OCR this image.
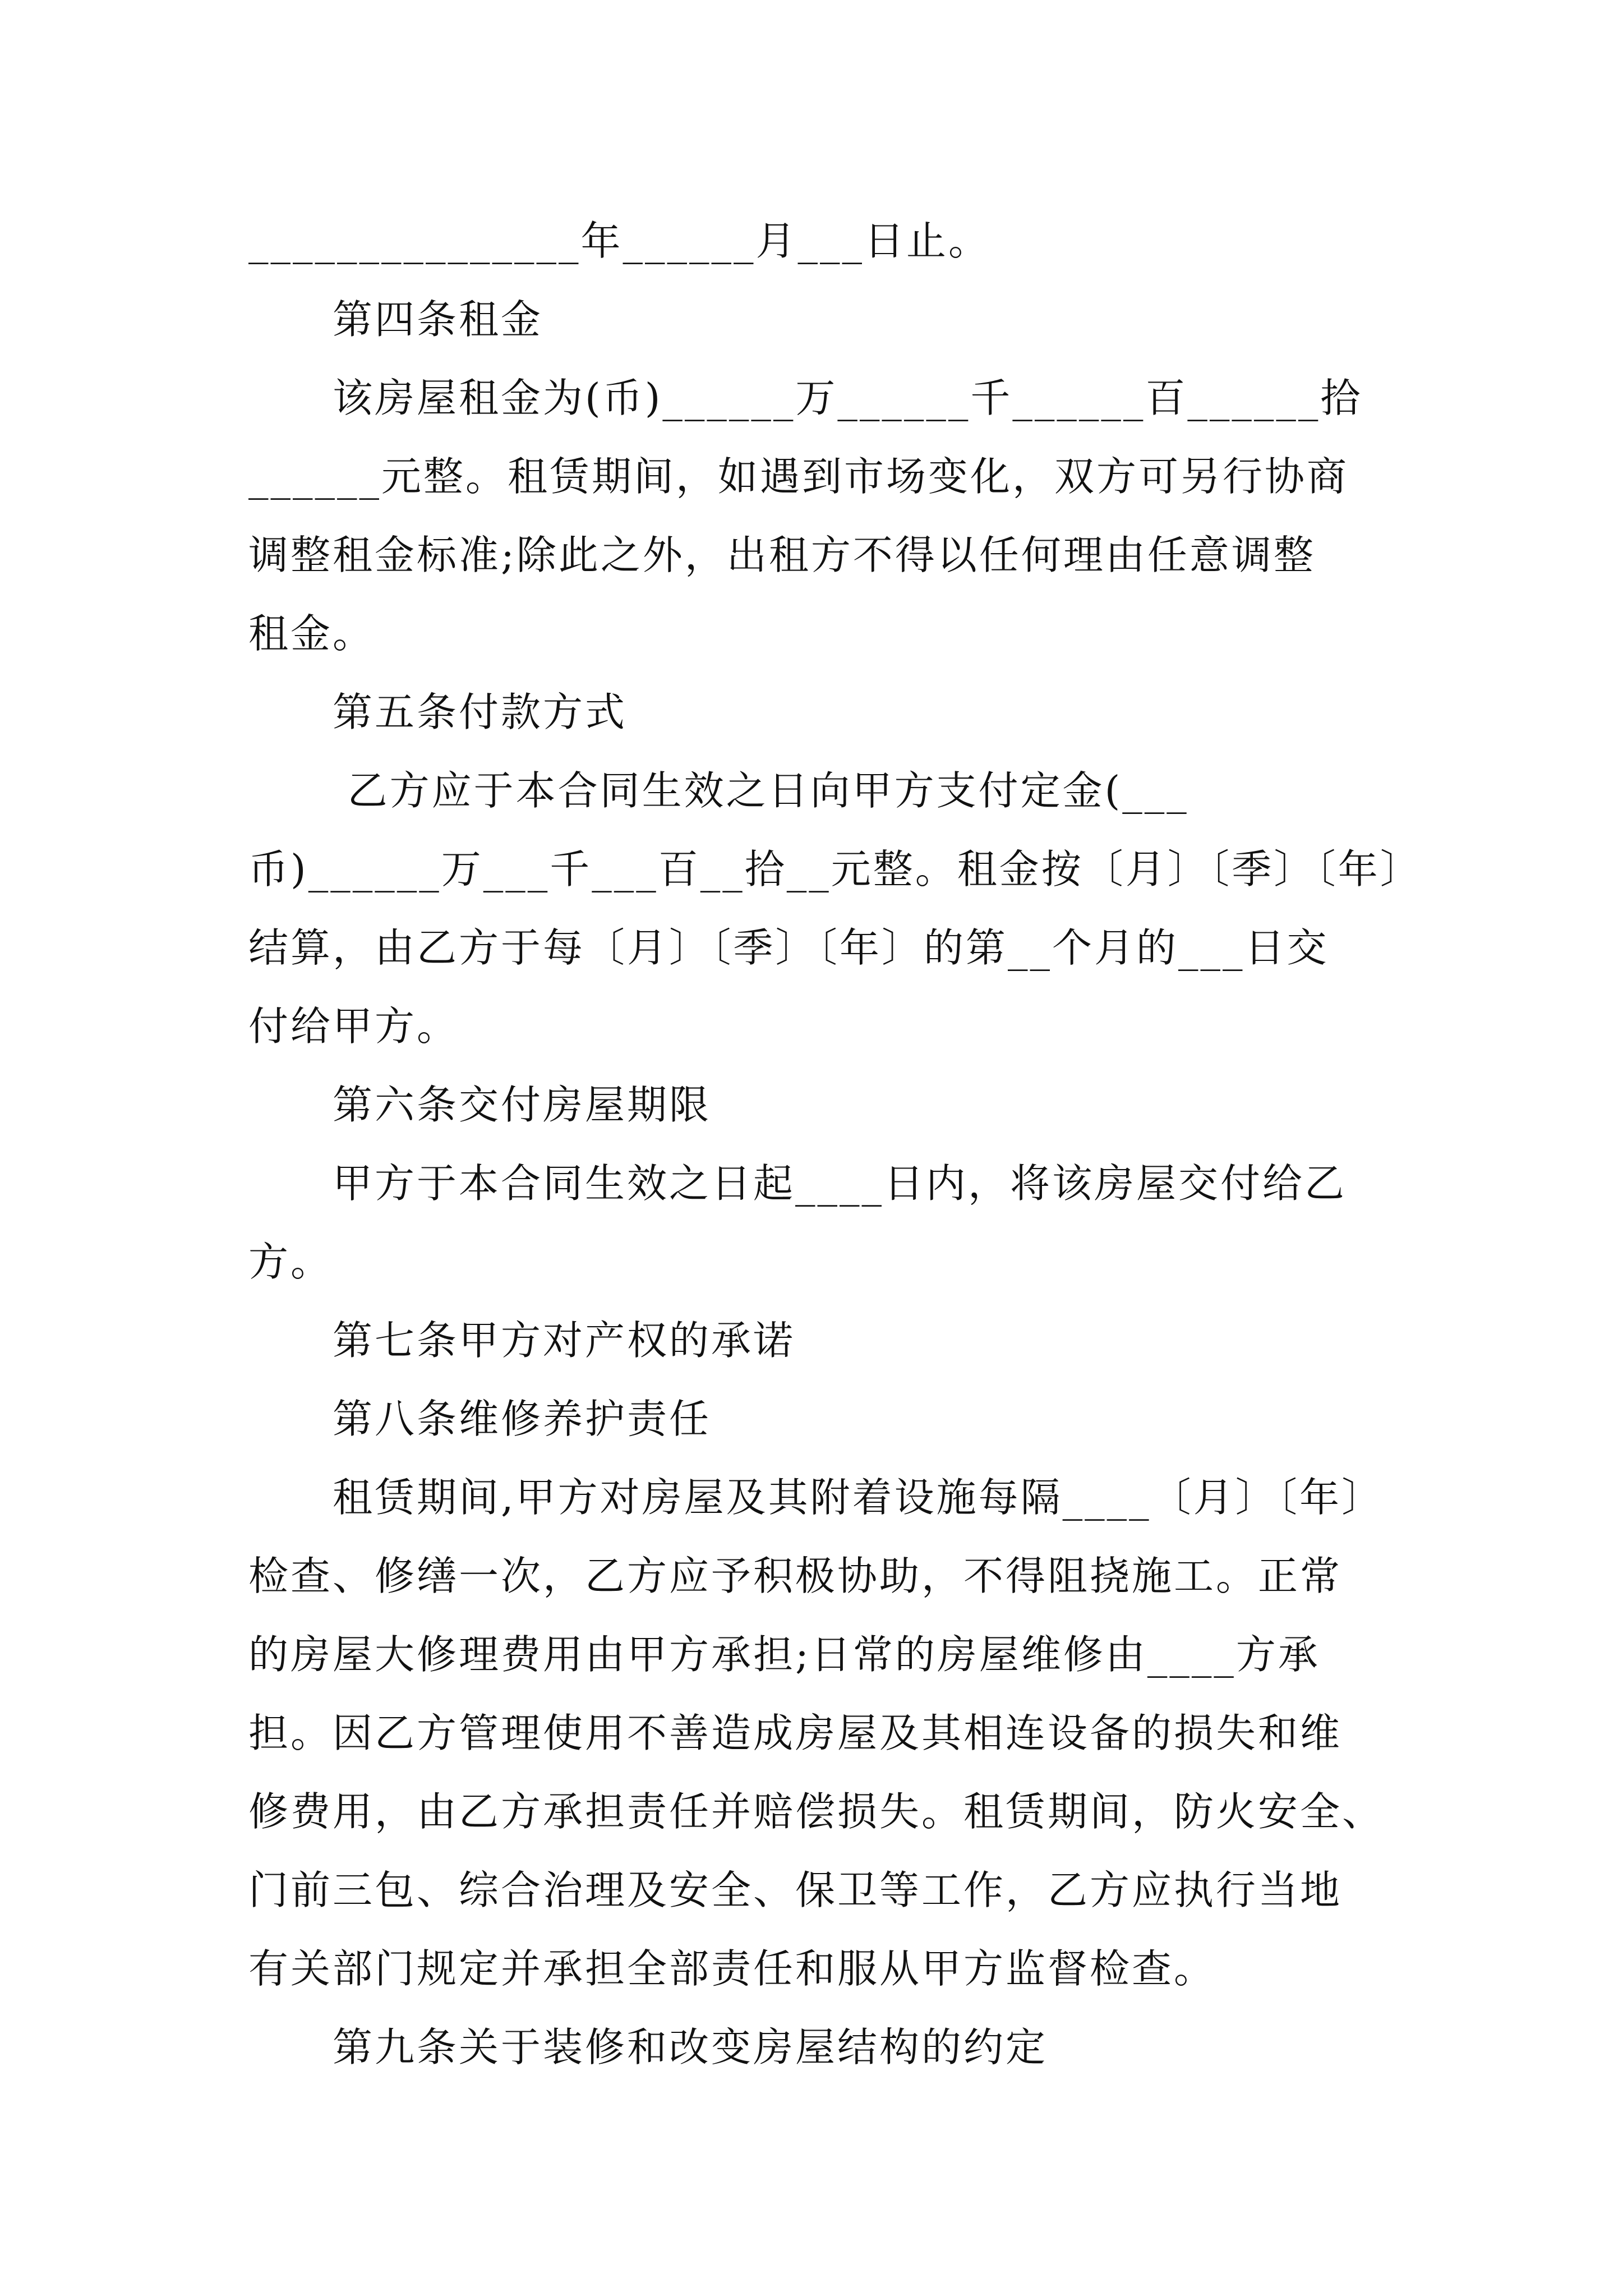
_______________年______月___日止。
第四条租金
该房屋租金为(币)______万______千______百______拾
______元整。租赁期间，如遇到市场变化，双方可另行协商
调整租金标准;除此之外，出租方不得以任何理由任意调整
租金。
第五条付款方式
乙方应于本合同生效之日向甲方支付定金(___
币)______万___千___百__拾__元整。租金按〔月〕〔季〕〔年〕
结算，由乙方于每〔月〕〔季〕〔年〕的第__个月的___日交
付给甲方。
第六条交付房屋期限
甲方于本合同生效之日起____日内，将该房屋交付给乙
方。
第七条甲方对产权的承诺
第八条维修养护责任
租赁期间,甲方对房屋及其附着设施每隔____〔月〕〔年〕
检查、修缮一次，乙方应予积极协助，不得阻挠施工。正常
的房屋大修理费用由甲方承担;日常的房屋维修由____方承
担。因乙方管理使用不善造成房屋及其相连设备的损失和维
修费用，由乙方承担责任并赔偿损失。租赁期间，防火安全、
门前三包、综合治理及安全、保卫等工作，乙方应执行当地
有关部门规定并承担全部责任和服从甲方监督检查。
第九条关于装修和改变房屋结构的约定
